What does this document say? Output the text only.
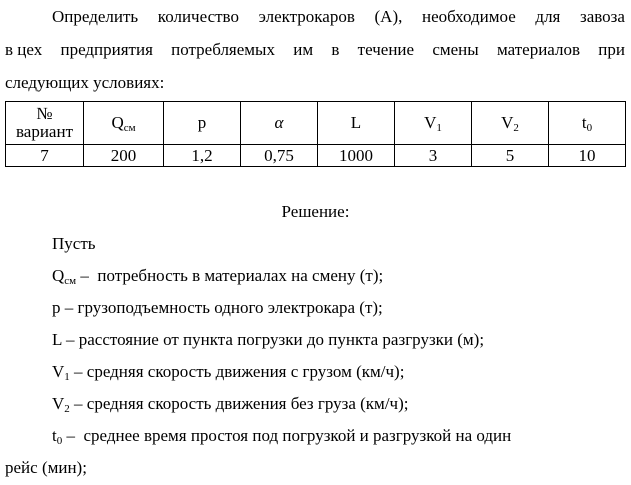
Определить количество электрокаров (А), необходимое для завоза
в цех предприятия потребляемых им в течение смены материалов при
следующих условиях:
№
вариант	$Q_{см}$	p	α	L	$V_1$	$V_2$	$t_0$
7	200	1,2	0,75	1000	3	5	10
Решение:
Пусть
$Q_{см}$ –  потребность в материалах на смену (т);
p – грузоподъемность одного электрокара (т);
L – расстояние от пункта погрузки до пункта разгрузки (м);
$V_1$ – средняя скорость движения с грузом (км/ч);
$V_2$ – средняя скорость движения без груза (км/ч);
$t_0$ –  среднее время простоя под погрузкой и разгрузкой на один
рейс (мин);
